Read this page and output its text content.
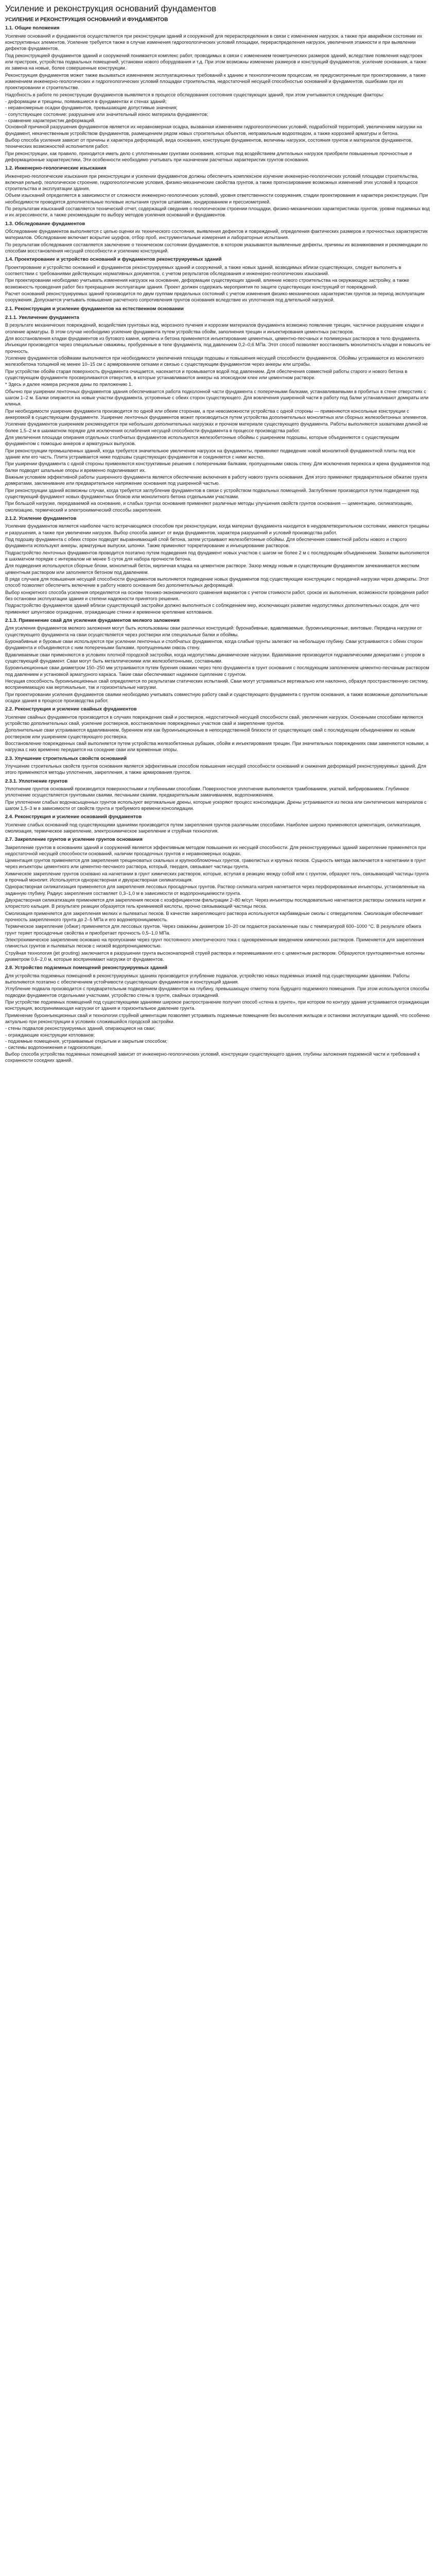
Усиление и реконструкция оснований фундаментов
УСИЛЕНИЕ И РЕКОНСТРУКЦИЯ ОСНОВАНИЙ И ФУНДАМЕНТОВ
1.1. Общие положения

Усиление оснований и фундаментов осуществляется при реконструкции зданий и сооружений для перераспределения в связи с изменением нагрузок, а также при аварийном состоянии их конструктивных элементов. Усиление требуется также в случае изменения гидрогеологических условий площадки, перераспределения нагрузок, увеличения этажности и при выявлении дефектов фундаментов.

Под реконструкцией фундаментов зданий и сооружений понимается комплекс работ, проводимых в связи с изменением геометрических размеров зданий, вследствие появления надстроек или пристроек, устройства подвальных помещений, установки нового оборудования и т.д. При этом возможны изменение размеров и конструкций фундаментов, усиление основания, а также их замена на новые, более совершенные конструкции.

Реконструкция фундаментов может также вызываться изменением эксплуатационных требований к зданию и технологическим процессам, не предусмотренным при проектировании, а также изменением инженерно-геологических и гидрогеологических условий площадки строительства, недостаточной несущей способностью оснований и фундаментов, ошибками при их проектировании и строительстве.

Надобность в работе по реконструкции фундаментов выявляется в процессе обследования состояния существующих зданий, при этом учитываются следующие факторы:

- деформации и трещины, появившиеся в фундаментах и стенах зданий;
- неравномерные осадки фундаментов, превышающие допустимые значения;
- сопутствующее состояние: разрушение или значительный износ материала фундаментов;
- сравнение характеристик деформаций.

Основной причиной разрушения фундаментов является их неравномерная осадка, вызванная изменением гидрогеологических условий, подработкой территорий, увеличением нагрузки на фундамент, некачественным устройством фундаментов, размещением рядом новых строительных объектов, неправильным водоотводом, а также коррозией арматуры и бетона.

Выбор способа усиления зависит от причины и характера деформаций, вида основания, конструкции фундаментов, величины нагрузок, состояния грунтов и материалов фундаментов, технических возможностей исполнителя работ.

При реконструкции, как правило, приходится иметь дело с уплотненными грунтами основания, которые под воздействием длительных нагрузок приобрели повышенные прочностные и деформационные характеристики. Эти особенности необходимо учитывать при назначении расчетных характеристик грунтов основания.

1.2. Инженерно-геологические изыскания

Инженерно-геологические изыскания при реконструкции и усилении фундаментов должны обеспечить комплексное изучение инженерно-геологических условий площадки строительства, включая рельеф, геологическое строение, гидрогеологические условия, физико-механические свойства грунтов, а также прогнозирование возможных изменений этих условий в процессе строительства и эксплуатации здания.

Объем изысканий определяется в зависимости от сложности инженерно-геологических условий, уровня ответственности сооружения, стадии проектирования и характера реконструкции. При необходимости проводятся дополнительные полевые испытания грунтов штампами, зондированием и прессиометрией.

По результатам изысканий составляется технический отчет, содержащий сведения о геологическом строении площадки, физико-механических характеристиках грунтов, уровне подземных вод и их агрессивности, а также рекомендации по выбору методов усиления оснований и фундаментов.

1.3. Обследование фундаментов

Обследование фундаментов выполняется с целью оценки их технического состояния, выявления дефектов и повреждений, определения фактических размеров и прочностных характеристик материалов. Обследование включает вскрытие шурфов, отбор проб, инструментальные измерения и лабораторные испытания.

По результатам обследования составляется заключение о техническом состоянии фундаментов, в котором указываются выявленные дефекты, причины их возникновения и рекомендации по способам восстановления несущей способности и усилению конструкций.

1.4. Проектирование и устройство оснований и фундаментов реконструируемых зданий

Проектирование и устройство оснований и фундаментов реконструируемых зданий и сооружений, а также новых зданий, возводимых вблизи существующих, следует выполнять в соответствии с требованиями действующих нормативных документов, с учетом результатов обследования и инженерно-геологических изысканий.

При проектировании необходимо учитывать изменения нагрузок на основание, деформации существующих зданий, влияние нового строительства на окружающую застройку, а также возможность проведения работ без прекращения эксплуатации здания. Проект должен содержать мероприятия по защите существующих конструкций от повреждений.

Расчет оснований реконструируемых зданий производится по двум группам предельных состояний с учетом изменения физико-механических характеристик грунтов за период эксплуатации сооружения. Допускается учитывать повышение расчетного сопротивления грунтов основания вследствие их уплотнения под длительной нагрузкой.

2.1. Реконструкция и усиление фундаментов на естественном основании
2.1.1. Увеличение фундамента

В результате механических повреждений, воздействия грунтовых вод, морозного пучения и коррозии материалов фундамента возможно появление трещин, частичное разрушение кладки и оголение арматуры. В этом случае необходимо усиление фундамента путем устройства обойм, заполнения трещин и инъектирования цементных растворов.

Для восстановления кладки фундаментов из бутового камня, кирпича и бетона применяется инъектирование цементных, цементно-песчаных и полимерных растворов в тело фундамента. Инъекции производятся через специальные скважины, пробуренные в теле фундамента, под давлением 0,2–0,6 МПа. Этот способ позволяет восстановить монолитность кладки и повысить ее прочность.

Усиление фундаментов обоймами выполняется при необходимости увеличения площади подошвы и повышения несущей способности фундаментов. Обоймы устраиваются из монолитного железобетона толщиной не менее 10–15 см с армированием сетками и связью с существующим фундаментом через анкеры или штрабы.

При устройстве обойм старая поверхность фундамента очищается, насекается и промывается водой под давлением. Для обеспечения совместной работы старого и нового бетона в существующем фундаменте просверливаются отверстия, в которые устанавливаются анкеры на эпоксидном клее или цементном растворе.

* Здесь и далее номера рисунков даны по приложению 1.

Обычно при уширении ленточных фундаментов здания обеспечивается работа подколонной части фундамента с поперечными балками, устанавливаемыми в пробитых в стене отверстиях с шагом 1–2 м. Балки опираются на новые участки фундамента, устроенные с обеих сторон существующего. Для вовлечения уширенной части в работу под балки устанавливают домкраты или клинья.

При необходимости уширение фундамента производится по одной или обеим сторонам, а при невозможности устройства с одной стороны — применяются консольные конструкции с анкеровкой в существующем фундаменте. Уширение ленточных фундаментов может производиться путем устройства дополнительных монолитных или сборных железобетонных элементов.

Усиление фундаментов уширением рекомендуется при небольших дополнительных нагрузках и прочном материале существующего фундамента. Работы выполняются захватками длиной не более 1,5–2 м в шахматном порядке для исключения ослабления несущей способности фундамента в процессе производства работ.

Для увеличения площади опирания отдельных столбчатых фундаментов используются железобетонные обоймы с уширением подошвы, которые объединяются с существующим фундаментом с помощью анкеров и арматурных выпусков.

При реконструкции промышленных зданий, когда требуется значительное увеличение нагрузок на фундаменты, применяют подведение новой монолитной фундаментной плиты под все здание или его часть. Плита устраивается ниже подошвы существующих фундаментов и соединяется с ними жестко.

При уширении фундамента с одной стороны применяются конструктивные решения с поперечными балками, пропущенными сквозь стену. Для исключения перекоса и крена фундаментов под балки подводят шпальные опоры и временно подклинивают их.

Важным условием эффективной работы уширенного фундамента является обеспечение включения в работу нового грунта основания. Для этого применяют предварительное обжатие грунта домкратами, заклинивание или предварительное напряжение основания под уширенной частью.

При реконструкции зданий возможны случаи, когда требуется заглубление фундаментов в связи с устройством подвальных помещений. Заглубление производится путем подведения под существующий фундамент новых фундаментных блоков или монолитного бетона отдельными участками.

При большой нагрузке, передаваемой на основание, и слабых грунтах основания применяют различные методы улучшения свойств грунтов основания — цементацию, силикатизацию, смолизацию, термический и электрохимический способы закрепления.

2.1.2. Усиление фундаментов

Усиление фундаментов является наиболее часто встречающимся способом при реконструкции, когда материал фундамента находится в неудовлетворительном состоянии, имеются трещины и разрушения, а также при увеличении нагрузок. Выбор способа зависит от вида фундаментов, характера разрушений и условий производства работ.

Под подошву фундамента с обеих сторон подводят выравнивающий слой бетона, затем устраивают железобетонные обоймы. Для обеспечения совместной работы нового и старого фундамента используют анкеры, арматурные выпуски, шпонки. Также применяют торкретирование и инъецирование растворов.

Подрастройство ленточных фундаментов проводится поэтапно путем подведения под фундамент новых участков с шагом не более 2 м с последующим объединением. Захватки выполняются в шахматном порядке с интервалом не менее 5 суток для набора прочности бетона.

Для подведения используются сборные блоки, монолитный бетон, кирпичная кладка на цементном растворе. Зазор между новым и существующим фундаментом зачеканивается жестким цементным раствором или заполняется бетоном под давлением.

В ряде случаев для повышения несущей способности фундаментов выполняется подведение новых фундаментов под существующие конструкции с передачей нагрузки через домкраты. Этот способ позволяет обеспечить включение в работу нового основания без дополнительных деформаций.

Выбор конкретного способа усиления определяется на основе технико-экономического сравнения вариантов с учетом стоимости работ, сроков их выполнения, возможности проведения работ без остановки эксплуатации здания и степени надежности принятого решения.

Подрастройство фундаментов зданий вблизи существующей застройки должно выполняться с соблюдением мер, исключающих развитие недопустимых дополнительных осадок, для чего применяют шпунтовое ограждение, ограждающие стенки и временное крепление котлованов.

2.1.3. Применение свай для усиления фундаментов мелкого заложения

Для усиления фундаментов мелкого заложения могут быть использованы сваи различных конструкций: буронабивные, вдавливаемые, буроинъекционные, винтовые. Передача нагрузки от существующего фундамента на сваи осуществляется через ростверки или специальные балки и обоймы.

Буронабивные и буровые сваи используются при усилении ленточных и столбчатых фундаментов, когда слабые грунты залегают на небольшую глубину. Сваи устраиваются с обеих сторон фундамента и объединяются с ним поперечными балками, пропущенными сквозь стену.

Вдавливаемые сваи применяются в условиях плотной городской застройки, когда недопустимы динамические нагрузки. Вдавливание производится гидравлическими домкратами с упором в существующий фундамент. Сваи могут быть металлическими или железобетонными, составными.

Буроинъекционные сваи диаметром 150–250 мм устраиваются путем бурения скважин через тело фундамента в грунт основания с последующим заполнением цементно-песчаным раствором под давлением и установкой арматурного каркаса. Такие сваи обеспечивают надежное сцепление с грунтом.

Несущая способность буроинъекционных свай определяется по результатам статических испытаний. Сваи могут устраиваться вертикально или наклонно, образуя пространственную систему, воспринимающую как вертикальные, так и горизонтальные нагрузки.

При проектировании усиления фундаментов сваями необходимо учитывать совместную работу свай и существующего фундамента с грунтом основания, а также возможные дополнительные осадки здания в процессе производства работ.

2.2. Реконструкция и усиление свайных фундаментов

Усиление свайных фундаментов производится в случаях повреждения свай и ростверков, недостаточной несущей способности свай, увеличения нагрузок. Основными способами являются устройство дополнительных свай, усиление ростверков, восстановление поврежденных участков свай и закрепление грунтов.

Дополнительные сваи устраиваются вдавливанием, бурением или как буроинъекционные в непосредственной близости от существующих свай с последующим объединением их новым ростверком или уширением существующего ростверка.

Восстановление поврежденных свай выполняется путем устройства железобетонных рубашек, обойм и инъектирования трещин. При значительных повреждениях сваи заменяются новыми, а нагрузка с них временно передается на соседние сваи или временные опоры.

2.3. Улучшение строительных свойств оснований

Улучшение строительных свойств грунтов основания является эффективным способом повышения несущей способности оснований и снижения деформаций реконструируемых зданий. Для этого применяются методы уплотнения, закрепления, а также армирования грунтов.

2.3.1. Уплотнение грунтов

Уплотнение грунтов оснований производится поверхностными и глубинными способами. Поверхностное уплотнение выполняется трамбованием, укаткой, вибрированием. Глубинное уплотнение осуществляется грунтовыми сваями, песчаными сваями, предварительным замачиванием, водопонижением.

При уплотнении слабых водонасыщенных грунтов используют вертикальные дрены, которые ускоряют процесс консолидации. Дрены устраиваются из песка или синтетических материалов с шагом 1,5–3 м в зависимости от свойств грунта и требуемого времени консолидации.

2.4. Реконструкция и усиление оснований фундаментов

Усиление слабых оснований под существующими зданиями производится путем закрепления грунтов различными способами. Наиболее широко применяются цементация, силикатизация, смолизация, термическое закрепление, электрохимическое закрепление и струйная технология.

2.7. Закрепление грунтов и усиление грунтов основания

Закрепление грунтов в основаниях зданий и сооружений является эффективным методом повышения их несущей способности. Для реконструируемых зданий закрепление применяется при недостаточной несущей способности оснований, наличии просадочных грунтов и неравномерных осадках.

Цементация грунтов применяется для закрепления трещиноватых скальных и крупнообломочных грунтов, гравелистых и крупных песков. Сущность метода заключается в нагнетании в грунт через инъекторы цементного или цементно-песчаного раствора, который, твердея, связывает частицы грунта.

Химическое закрепление грунтов основано на нагнетании в грунт химических растворов, которые, вступая в реакцию между собой или с грунтом, образуют гель, связывающий частицы грунта в прочный монолит. Используется однорастворная и двухрастворная силикатизация.

Однорастворная силикатизация применяется для закрепления лессовых просадочных грунтов. Раствор силиката натрия нагнетается через перфорированные инъекторы, установленные на заданную глубину. Радиус закрепления составляет 0,3–1,0 м в зависимости от водопроницаемости грунта.

Двухрастворная силикатизация применяется для закрепления песков с коэффициентом фильтрации 2–80 м/сут. Через инъекторы последовательно нагнетаются растворы силиката натрия и хлористого кальция. В результате реакции образуется гель кремниевой кислоты, прочно связывающий частицы песка.

Смолизация применяется для закрепления мелких и пылеватых песков. В качестве закрепляющего раствора используются карбамидные смолы с отвердителем. Смолизация обеспечивает прочность закрепленного грунта до 2–5 МПа и его водонепроницаемость.

Термическое закрепление (обжиг) применяется для лессовых грунтов. Через скважины диаметром 10–20 см подаются раскаленные газы с температурой 600–1000 °C. В результате обжига грунт теряет просадочные свойства и приобретает прочность 0,5–1,0 МПа.

Электрохимическое закрепление основано на пропускании через грунт постоянного электрического тока с одновременным введением химических растворов. Применяется для закрепления глинистых грунтов и пылеватых песков с низкой водопроницаемостью.

Струйная технология (jet grouting) заключается в разрушении грунта высоконапорной струей раствора и перемешивании его с цементным раствором. Образуются грунтоцементные колонны диаметром 0,6–2,0 м, которые воспринимают нагрузки от фундаментов.

2.8. Устройство подземных помещений реконструируемых зданий

Для устройства подземных помещений в реконструируемых зданиях производится углубление подвалов, устройство новых подземных этажей под существующими зданиями. Работы выполняются поэтапно с обеспечением устойчивости существующих фундаментов и конструкций здания.

Углубление подвала производится с предварительным подведением фундаментов на глубину, превышающую отметку пола будущего подземного помещения. При этом используются способы подводки фундаментов отдельными участками, устройство стены в грунте, свайных ограждений.

При устройстве подземных помещений под существующими зданиями широкое распространение получил способ «стена в грунте», при котором по контуру здания устраивается ограждающая конструкция, воспринимающая нагрузки от здания и горизонтальное давление грунта.

Применение буроинъекционных свай и технологии струйной цементации позволяет устраивать подземные помещения без выселения жильцов и остановки эксплуатации зданий, что особенно актуально при реконструкции в условиях сложившейся городской застройки.

- стены подвалов реконструируемых зданий, опирающиеся на сваи;
- ограждающие конструкции котлованов;
- подземные помещения, устраиваемые открытым и закрытым способом;
- системы водопонижения и гидроизоляции.

Выбор способа устройства подземных помещений зависит от инженерно-геологических условий, конструкции существующего здания, глубины заложения подземной части и требований к сохранности соседних зданий.
